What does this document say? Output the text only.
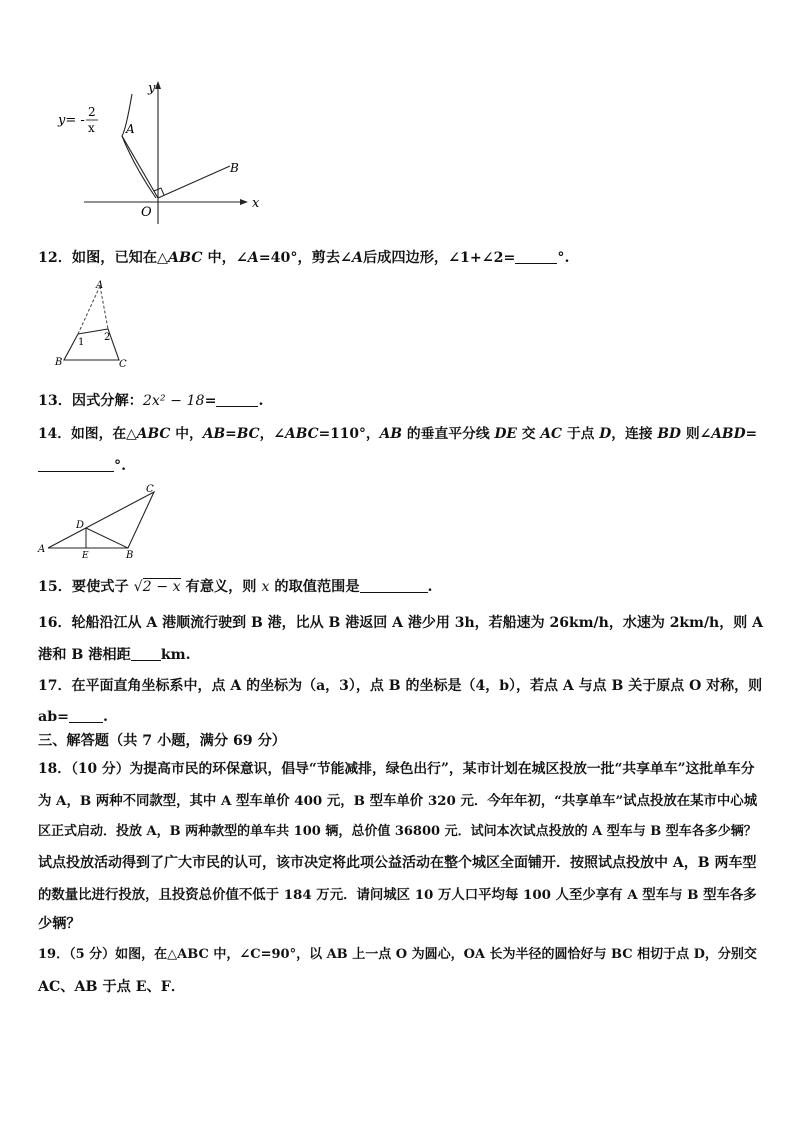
y= -
2
x
y
x
O
A
B
12．如图，已知在△ABC 中，∠A=40°，剪去∠A后成四边形，∠1+∠2=	°.
A
B	C
1 2
13．因式分解：2𝑥² − 18=	.
14．如图，在△ABC 中，AB=BC，∠ABC=110°，AB 的垂直平分线 DE 交 AC 于点 D，连接 BD 则∠ABD=
°.
A
B
C
D
E
15．要使式子 √2 − x 有意义，则 x 的取值范围是	.
16．轮船沿江从 A 港顺流行驶到 B 港，比从 B 港返回 A 港少用 3h，若船速为 26km/h，水速为 2km/h，则 A
港和 B 港相距 km.
17．在平面直角坐标系中，点 A 的坐标为（a，3），点 B 的坐标是（4，b），若点 A 与点 B 关于原点 O 对称，则
ab= .
三、解答题（共 7 小题，满分 69 分）
18．（10 分）为提高市民的环保意识，倡导“节能减排，绿色出行”，某市计划在城区投放一批“共享单车”这批单车分
为 A，B 两种不同款型，其中 A 型车单价 400 元，B 型车单价 320 元．今年年初，“共享单车”试点投放在某市中心城
区正式启动．投放 A，B 两种款型的单车共 100 辆，总价值 36800 元．试问本次试点投放的 A 型车与 B 型车各多少辆？
试点投放活动得到了广大市民的认可，该市决定将此项公益活动在整个城区全面铺开．按照试点投放中 A，B 两车型
的数量比进行投放，且投资总价值不低于 184 万元．请问城区 10 万人口平均每 100 人至少享有 A 型车与 B 型车各多
少辆？
19．（5 分）如图，在△ABC 中，∠C=90°，以 AB 上一点 O 为圆心，OA 长为半径的圆恰好与 BC 相切于点 D，分别交
AC、AB 于点 E、F．
